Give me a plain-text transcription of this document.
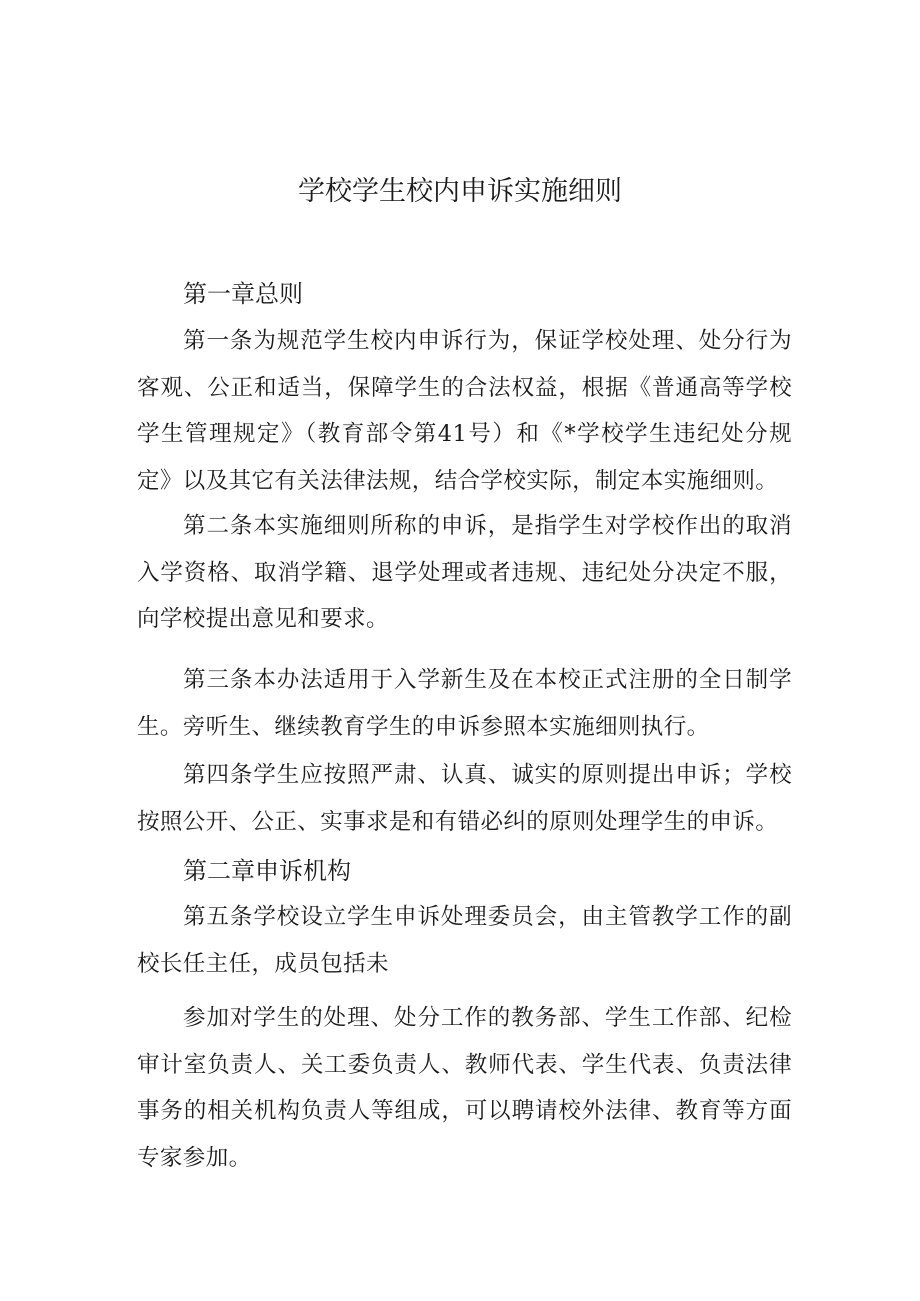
学校学生校内申诉实施细则
第一章总则

第一条为规范学生校内申诉行为，保证学校处理、处分行为客观、公正和适当，保障学生的合法权益，根据《普通高等学校学生管理规定》（教育部令第41号）和《*学校学生违纪处分规定》以及其它有关法律法规，结合学校实际，制定本实施细则。

第二条本实施细则所称的申诉，是指学生对学校作出的取消入学资格、取消学籍、退学处理或者违规、违纪处分决定不服，向学校提出意见和要求。

第三条本办法适用于入学新生及在本校正式注册的全日制学生。旁听生、继续教育学生的申诉参照本实施细则执行。

第四条学生应按照严肃、认真、诚实的原则提出申诉；学校按照公开、公正、实事求是和有错必纠的原则处理学生的申诉。

第二章申诉机构

第五条学校设立学生申诉处理委员会，由主管教学工作的副校长任主任，成员包括未

参加对学生的处理、处分工作的教务部、学生工作部、纪检审计室负责人、关工委负责人、教师代表、学生代表、负责法律事务的相关机构负责人等组成，可以聘请校外法律、教育等方面专家参加。
